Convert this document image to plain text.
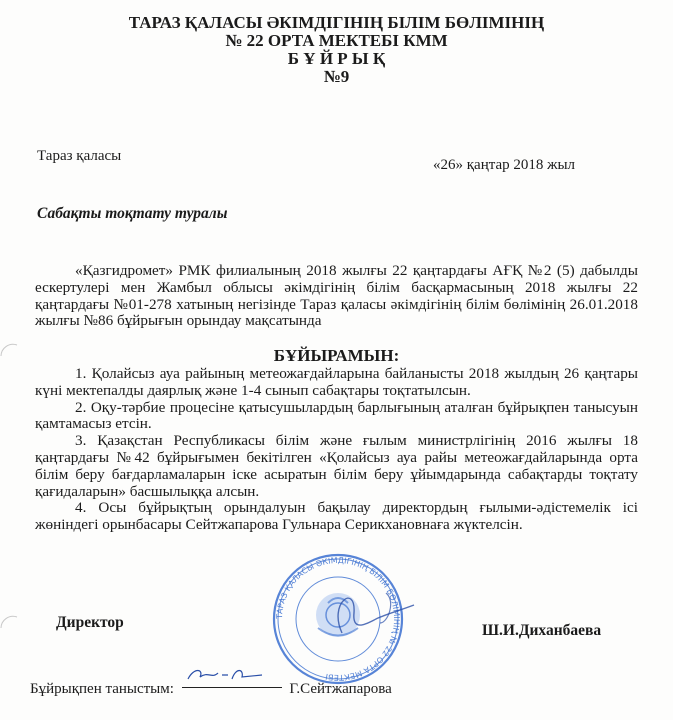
ТАРАЗ ҚАЛАСЫ ӘКІМДІГІНІҢ БІЛІМ БӨЛІМІНІҢ
№ 22 ОРТА МЕКТЕБІ КММ
Б Ұ Й Р Ы Қ
№9
Тараз қаласы
«26» қаңтар 2018 жыл
Сабақты тоқтату туралы

«Қазгидромет» РМК филиалының 2018 жылғы 22 қаңтардағы АҒҚ №2 (5) дабылды ескертулері мен Жамбыл облысы әкімдігінің білім басқармасының 2018 жылғы 22 қаңтардағы №01-278 хатының негізінде Тараз қаласы әкімдігінің білім бөлімінің 26.01.2018 жылғы №86 бұйрығын орындау мақсатында

БҰЙЫРАМЫН:

1. Қолайсыз ауа райының метеожағдайларына байланысты 2018 жылдың 26 қаңтары күні мектепалды даярлық және 1-4 сынып сабақтары тоқтатылсын.

2. Оқу-тәрбие процесіне қатысушылардың барлығының аталған бұйрықпен танысуын қамтамасыз етсін.

3. Қазақстан Республикасы білім және ғылым министрлігінің 2016 жылғы 18 қаңтардағы №42 бұйрығымен бекітілген «Қолайсыз ауа райы метеожағдайларында орта білім беру бағдарламаларын іске асыратын білім беру ұйымдарында сабақтарды тоқтату қағидаларын» басшылыққа алсын.

4. Осы бұйрықтың орындалуын бақылау директордың ғылыми-әдістемелік ісі жөніндегі орынбасары Сейтжапарова Гульнара Серикхановнаға жүктелсін.

ТАРАЗ ҚАЛАСЫ ӘКІМДІГІНІҢ БІЛІМ БӨЛІМІНІҢ № 22 ОРТА МЕКТЕБІ
Директор	Ш.И.Диханбаева
Бұйрықпен таныстым:	Г.Сейтжапарова
